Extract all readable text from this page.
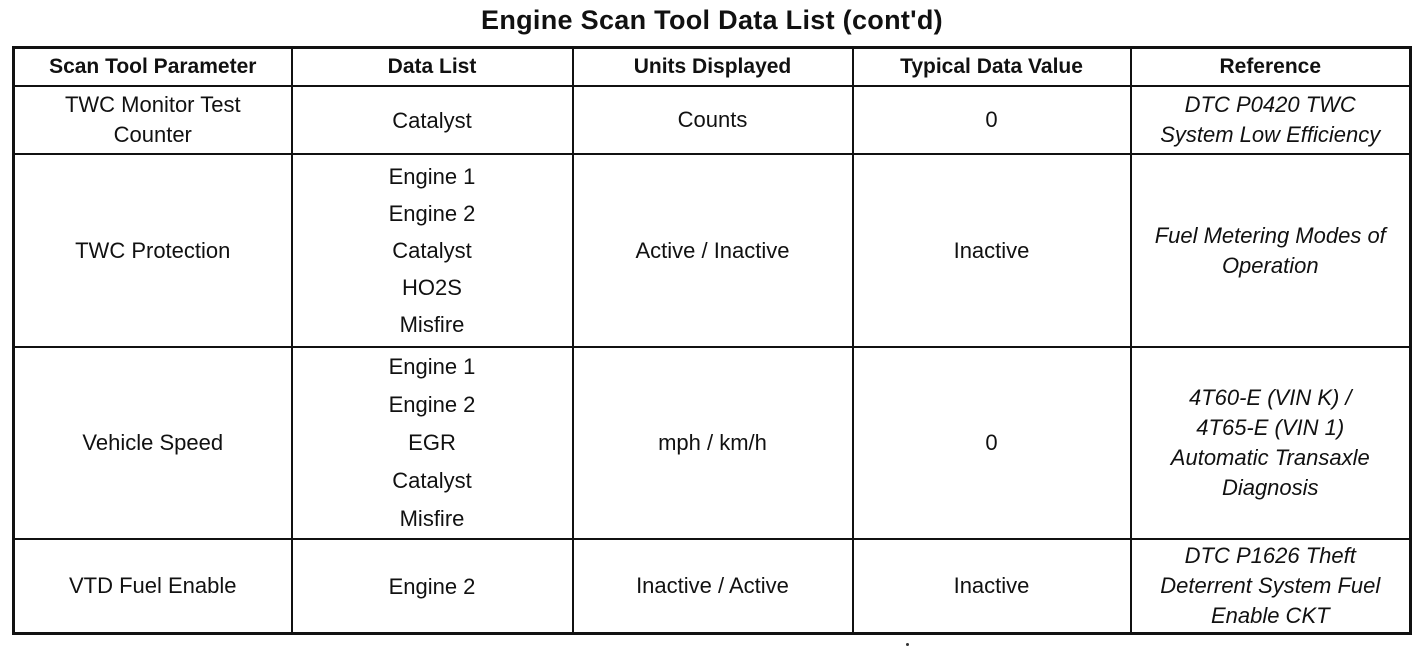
Engine Scan Tool Data List (cont'd)
Scan Tool Parameter	Data List	Units Displayed	Typical Data Value	Reference
TWC Monitor Test Counter	Catalyst	Counts	0	DTC P0420 TWC
System Low Efficiency

TWC Protection	Engine 1
Engine 2
Catalyst
HO2S
Misfire	Active / Inactive	Inactive	Fuel Metering Modes of
Operation

Vehicle Speed	Engine 1
Engine 2
EGR
Catalyst
Misfire	mph / km/h	0	4T60-E (VIN K) /
4T65-E (VIN 1)
Automatic Transaxle
Diagnosis

VTD Fuel Enable	Engine 2	Inactive / Active	Inactive	DTC P1626 Theft
Deterrent System Fuel
Enable CKT
